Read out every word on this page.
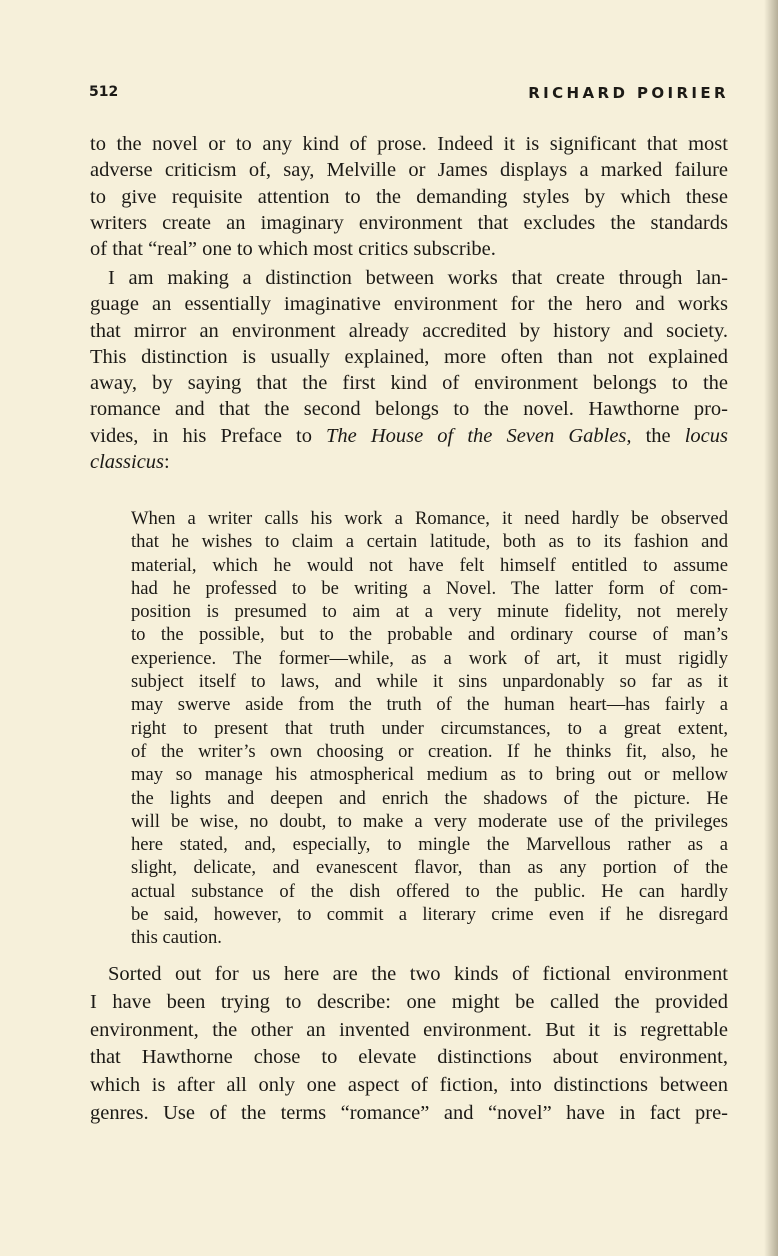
512	RICHARD POIRIER
to the novel or to any kind of prose. Indeed it is significant that most
adverse criticism of, say, Melville or James displays a marked failure
to give requisite attention to the demanding styles by which these
writers create an imaginary environment that excludes the standards
of that “real” one to which most critics subscribe.
I am making a distinction between works that create through lan-
guage an essentially imaginative environment for the hero and works
that mirror an environment already accredited by history and society.
This distinction is usually explained, more often than not explained
away, by saying that the first kind of environment belongs to the
romance and that the second belongs to the novel. Hawthorne pro-
vides, in his Preface to The House of the Seven Gables, the locus
classicus:
When a writer calls his work a Romance, it need hardly be observed
that he wishes to claim a certain latitude, both as to its fashion and
material, which he would not have felt himself entitled to assume
had he professed to be writing a Novel. The latter form of com-
position is presumed to aim at a very minute fidelity, not merely
to the possible, but to the probable and ordinary course of man’s
experience. The former—while, as a work of art, it must rigidly
subject itself to laws, and while it sins unpardonably so far as it
may swerve aside from the truth of the human heart—has fairly a
right to present that truth under circumstances, to a great extent,
of the writer’s own choosing or creation. If he thinks fit, also, he
may so manage his atmospherical medium as to bring out or mellow
the lights and deepen and enrich the shadows of the picture. He
will be wise, no doubt, to make a very moderate use of the privileges
here stated, and, especially, to mingle the Marvellous rather as a
slight, delicate, and evanescent flavor, than as any portion of the
actual substance of the dish offered to the public. He can hardly
be said, however, to commit a literary crime even if he disregard
this caution.
Sorted out for us here are the two kinds of fictional environment
I have been trying to describe: one might be called the provided
environment, the other an invented environment. But it is regrettable
that Hawthorne chose to elevate distinctions about environment,
which is after all only one aspect of fiction, into distinctions between
genres. Use of the terms “romance” and “novel” have in fact pre-
